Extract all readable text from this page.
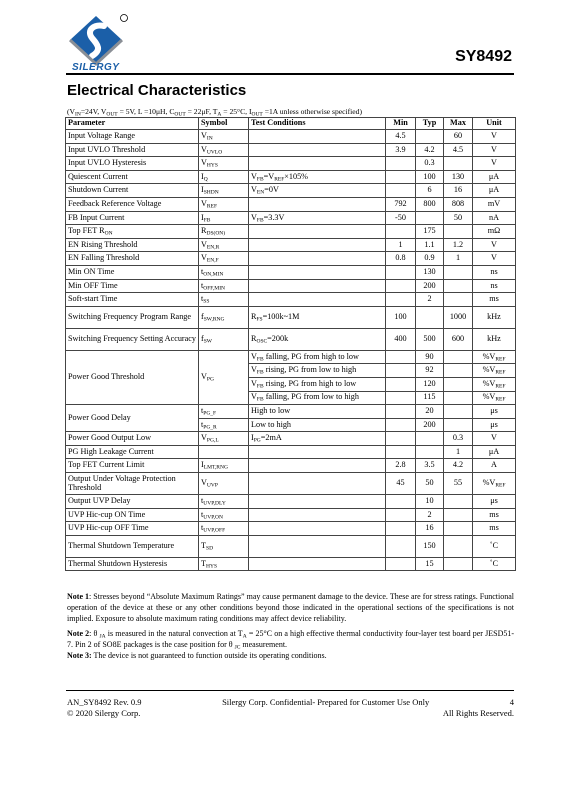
SILERGY
SY8492
Electrical Characteristics
($V_{IN}=24V$, $V_{OUT} = 5V$, L =10μH, $C_{OUT} = 22\mu F$, $T_A = 25^\circ C$, $I_{OUT} =1A$ unless otherwise specified)
Parameter	Symbol	Test Conditions	Min	Typ	Max	Unit
Input Voltage Range	$V_{IN}$		4.5		60	V
Input UVLO Threshold	$V_{UVLO}$		3.9	4.2	4.5	V
Input UVLO Hysteresis	$V_{HYS}$			0.3		V
Quiescent Current	$I_Q$	$V_{FB}=V_{REF}\times 105\%$		100	130	μA
Shutdown Current	$I_{SHDN}$	$V_{EN}=0V$		6	16	μA
Feedback Reference Voltage	$V_{REF}$		792	800	808	mV
FB Input Current	$I_{FB}$	$V_{FB}=3.3V$	-50		50	nA
Top FET $R_{ON}$	$R_{DS(ON)}$			175		mΩ
EN Rising Threshold	$V_{EN,R}$		1	1.1	1.2	V
EN Falling Threshold	$V_{EN,F}$		0.8	0.9	1	V
Min ON Time	$t_{ON,MIN}$			130		ns
Min OFF Time	$t_{OFF,MIN}$			200		ns
Soft-start Time	$t_{SS}$			2		ms
Switching Frequency Program Range	$f_{SW,RNG}$	$R_{FS}=100k\sim 1M$	100		1000	kHz
Switching Frequency Setting Accuracy	$f_{SW}$	$R_{OSC}=200k$	400	500	600	kHz
Power Good Threshold	$V_{PG}$	$V_{FB}$ falling, PG from high to low		90		$\%V_{REF}$
		$V_{FB}$ rising, PG from low to high		92		$\%V_{REF}$
		$V_{FB}$ rising, PG from high to low		120		$\%V_{REF}$
		$V_{FB}$ falling, PG from low to high		115		$\%V_{REF}$
Power Good Delay	$t_{PG\_F}$	High to low		20		μs
	$t_{PG\_R}$	Low to high		200		μs
Power Good Output Low	$V_{PG,L}$	$I_{PG}=2mA$			0.3	V
PG High Leakage Current					1	μA
Top FET Current Limit	$I_{LMT,RNG}$		2.8	3.5	4.2	A
Output Under Voltage Protection Threshold	$V_{UVP}$		45	50	55	$\%V_{REF}$
Output UVP Delay	$t_{UVP,DLY}$			10		μs
UVP Hic-cup ON Time	$t_{UVP,ON}$			2		ms
UVP Hic-cup OFF Time	$t_{UVP,OFF}$			16		ms
Thermal Shutdown Temperature	$T_{SD}$			150		˚C
Thermal Shutdown Hysteresis	$T_{HYS}$			15		˚C

Note 1: Stresses beyond “Absolute Maximum Ratings” may cause permanent damage to the device. These are for stress ratings. Functional operation of the device at these or any other conditions beyond those indicated in the operational sections of the specifications is not implied. Exposure to absolute maximum rating conditions may affect device reliability.

Note 2: θ $_{JA}$ is measured in the natural convection at $T_A = 25^\circ C$ on a high effective thermal conductivity four-layer test board per JESD51-7. Pin 2 of SO8E packages is the case position for θ $_{JC}$ measurement.

Note 3: The device is not guaranteed to function outside its operating conditions.

AN_SY8492 Rev. 0.9	Silergy Corp. Confidential- Prepared for Customer Use Only	4
© 2020 Silergy Corp.	All Rights Reserved.
